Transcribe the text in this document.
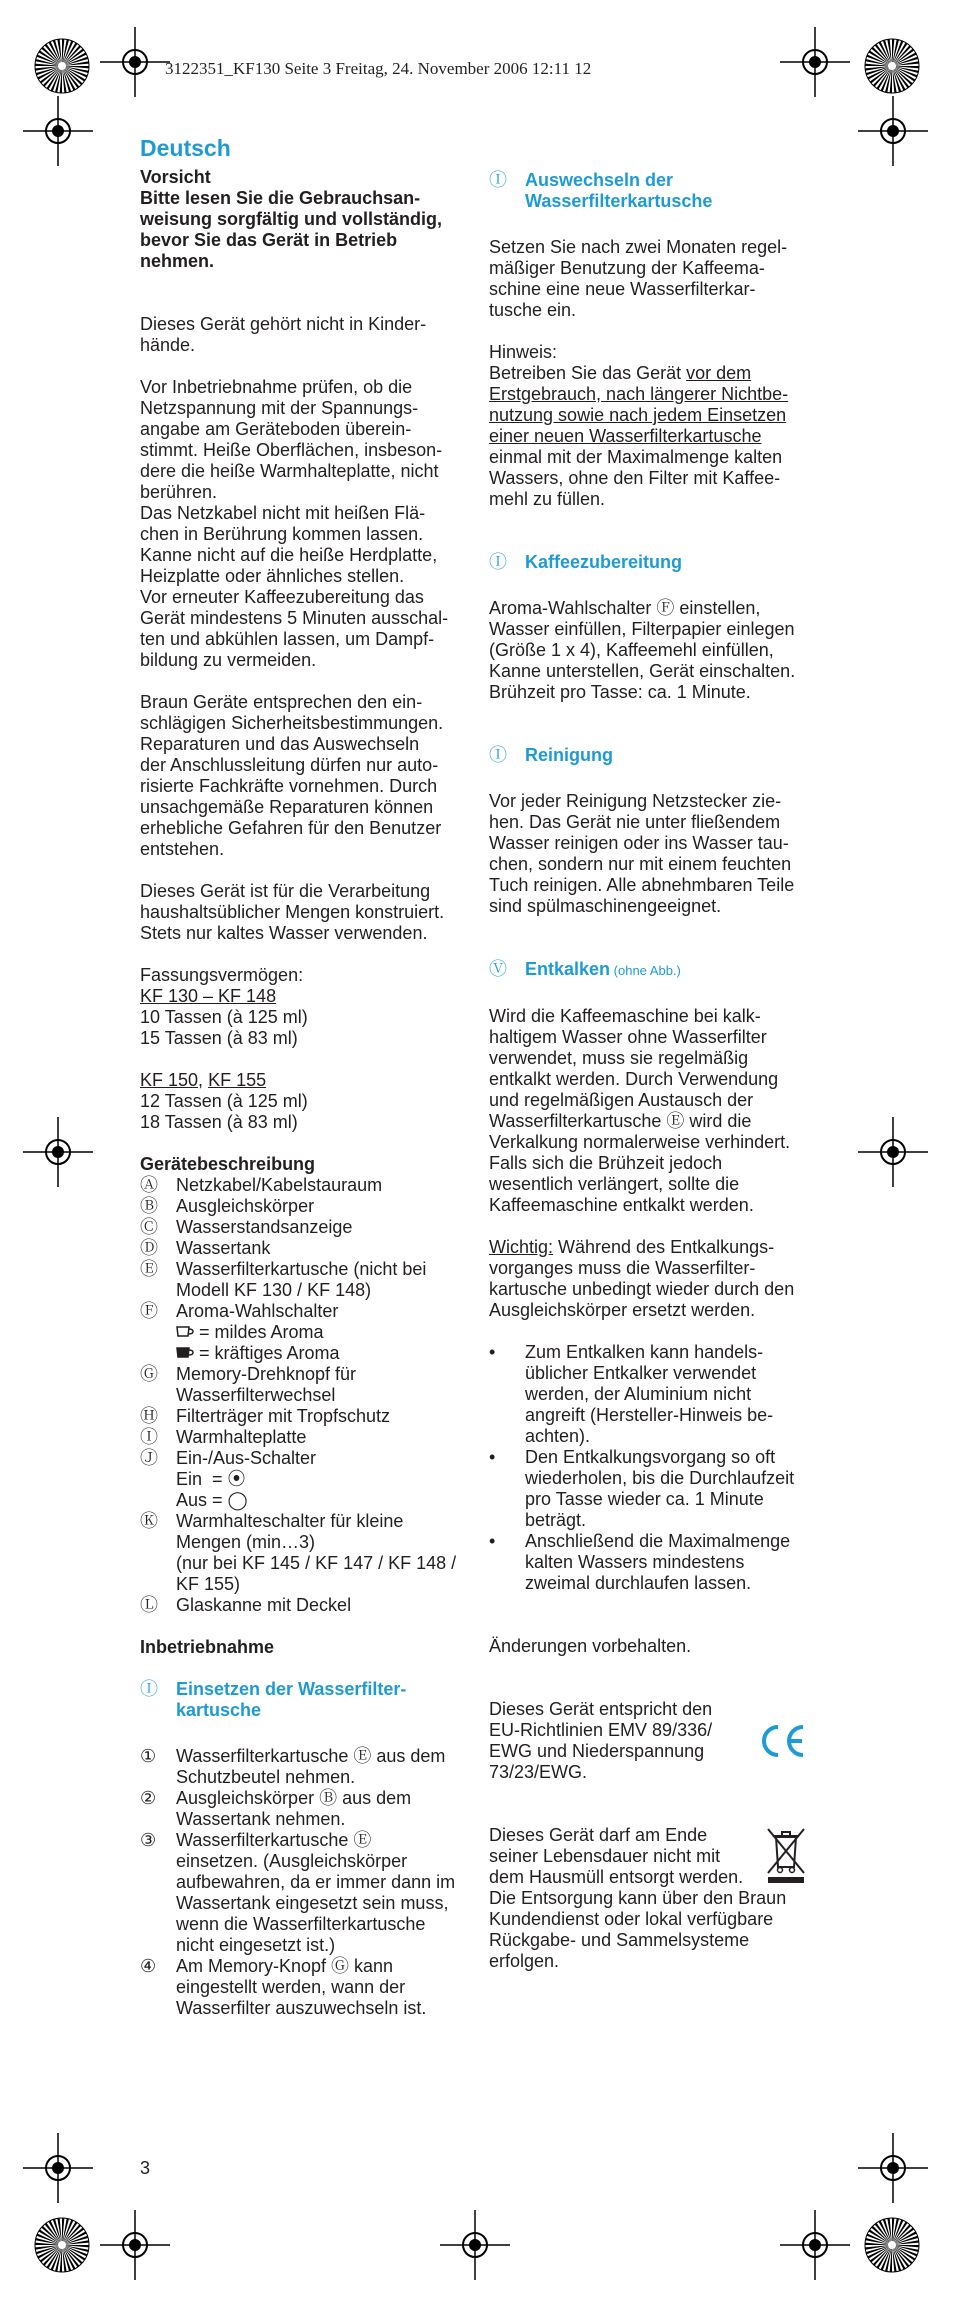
3122351_KF130 Seite 3 Freitag, 24. November 2006 12:11 12
Deutsch
Vorsicht

Bitte lesen Sie die Gebrauchsan-
weisung sorgfältig und vollständig,
bevor Sie das Gerät in Betrieb
nehmen.

Dieses Gerät gehört nicht in Kinder-
hände.

Vor Inbetriebnahme prüfen, ob die
Netzspannung mit der Spannungs-
angabe am Geräteboden überein-
stimmt. Heiße Oberflächen, insbeson-
dere die heiße Warmhalteplatte, nicht
berühren.
Das Netzkabel nicht mit heißen Flä-
chen in Berührung kommen lassen.
Kanne nicht auf die heiße Herdplatte,
Heizplatte oder ähnliches stellen.
Vor erneuter Kaffeezubereitung das
Gerät mindestens 5 Minuten ausschal-
ten und abkühlen lassen, um Dampf-
bildung zu vermeiden.

Braun Geräte entsprechen den ein-
schlägigen Sicherheitsbestimmungen.
Reparaturen und das Auswechseln
der Anschlussleitung dürfen nur auto-
risierte Fachkräfte vornehmen. Durch
unsachgemäße Reparaturen können
erhebliche Gefahren für den Benutzer
entstehen.

Dieses Gerät ist für die Verarbeitung
haushaltsüblicher Mengen konstruiert.
Stets nur kaltes Wasser verwenden.

Fassungsvermögen:
KF 130 – KF 148
10 Tassen (à 125 ml)
15 Tassen (à 83 ml)
KF 150, KF 155
12 Tassen (à 125 ml)
18 Tassen (à 83 ml)
Gerätebeschreibung
Ⓐ	Netzkabel/Kabelstauraum
Ⓑ	Ausgleichskörper
Ⓒ	Wasserstandsanzeige
Ⓓ	Wassertank
Ⓔ	Wasserfilterkartusche (nicht bei
Modell KF 130 / KF 148)
Ⓕ	Aroma-Wahlschalter
= mildes Aroma
= kräftiges Aroma
Ⓖ	Memory-Drehknopf für
Wasserfilterwechsel
Ⓗ	Filterträger mit Tropfschutz
Ⓘ	Warmhalteplatte
Ⓙ	Ein-/Aus-Schalter
Ein  = ⦿
Aus = ◯
Ⓚ	Warmhalteschalter für kleine
Mengen (min…3)
(nur bei KF 145 / KF 147 / KF 148 /
KF 155)
Ⓛ	Glaskanne mit Deckel
Inbetriebnahme
Ⓘ	Einsetzen der Wasserfilter-
kartusche
①	Wasserfilterkartusche Ⓔ aus dem
Schutzbeutel nehmen.
②	Ausgleichskörper Ⓑ aus dem
Wassertank nehmen.
③	Wasserfilterkartusche Ⓔ
einsetzen. (Ausgleichskörper
aufbewahren, da er immer dann im
Wassertank eingesetzt sein muss,
wenn die Wasserfilterkartusche
nicht eingesetzt ist.)
④	Am Memory-Knopf Ⓖ kann
eingestellt werden, wann der
Wasserfilter auszuwechseln ist.
Ⓘ	Auswechseln der
Wasserfilterkartusche

Setzen Sie nach zwei Monaten regel-
mäßiger Benutzung der Kaffeema-
schine eine neue Wasserfilterkar-
tusche ein.

Hinweis:

Betreiben Sie das Gerät vor dem
Erstgebrauch, nach längerer Nichtbe-
nutzung sowie nach jedem Einsetzen
einer neuen Wasserfilterkartusche
einmal mit der Maximalmenge kalten
Wassers, ohne den Filter mit Kaffee-
mehl zu füllen.

Ⓘ	Kaffeezubereitung

Aroma-Wahlschalter Ⓕ einstellen,
Wasser einfüllen, Filterpapier einlegen
(Größe 1 x 4), Kaffeemehl einfüllen,
Kanne unterstellen, Gerät einschalten.
Brühzeit pro Tasse: ca. 1 Minute.

Ⓘ	Reinigung

Vor jeder Reinigung Netzstecker zie-
hen. Das Gerät nie unter fließendem
Wasser reinigen oder ins Wasser tau-
chen, sondern nur mit einem feuchten
Tuch reinigen. Alle abnehmbaren Teile
sind spülmaschinengeeignet.

Ⓥ	Entkalken (ohne Abb.)

Wird die Kaffeemaschine bei kalk-
haltigem Wasser ohne Wasserfilter
verwendet, muss sie regelmäßig
entkalkt werden. Durch Verwendung
und regelmäßigen Austausch der
Wasserfilterkartusche Ⓔ wird die
Verkalkung normalerweise verhindert.
Falls sich die Brühzeit jedoch
wesentlich verlängert, sollte die
Kaffeemaschine entkalkt werden.

Wichtig: Während des Entkalkungs-
vorganges muss die Wasserfilter-
kartusche unbedingt wieder durch den
Ausgleichskörper ersetzt werden.

•	Zum Entkalken kann handels-
üblicher Entkalker verwendet
werden, der Aluminium nicht
angreift (Hersteller-Hinweis be-
achten).
•	Den Entkalkungsvorgang so oft
wiederholen, bis die Durchlaufzeit
pro Tasse wieder ca. 1 Minute
beträgt.
•	Anschließend die Maximalmenge
kalten Wassers mindestens
zweimal durchlaufen lassen.

Änderungen vorbehalten.

Dieses Gerät entspricht den
EU-Richtlinien EMV 89/336/
EWG und Niederspannung
73/23/EWG.

Dieses Gerät darf am Ende
seiner Lebensdauer nicht mit
dem Hausmüll entsorgt werden.
Die Entsorgung kann über den Braun
Kundendienst oder lokal verfügbare
Rückgabe- und Sammelsysteme
erfolgen.
3
